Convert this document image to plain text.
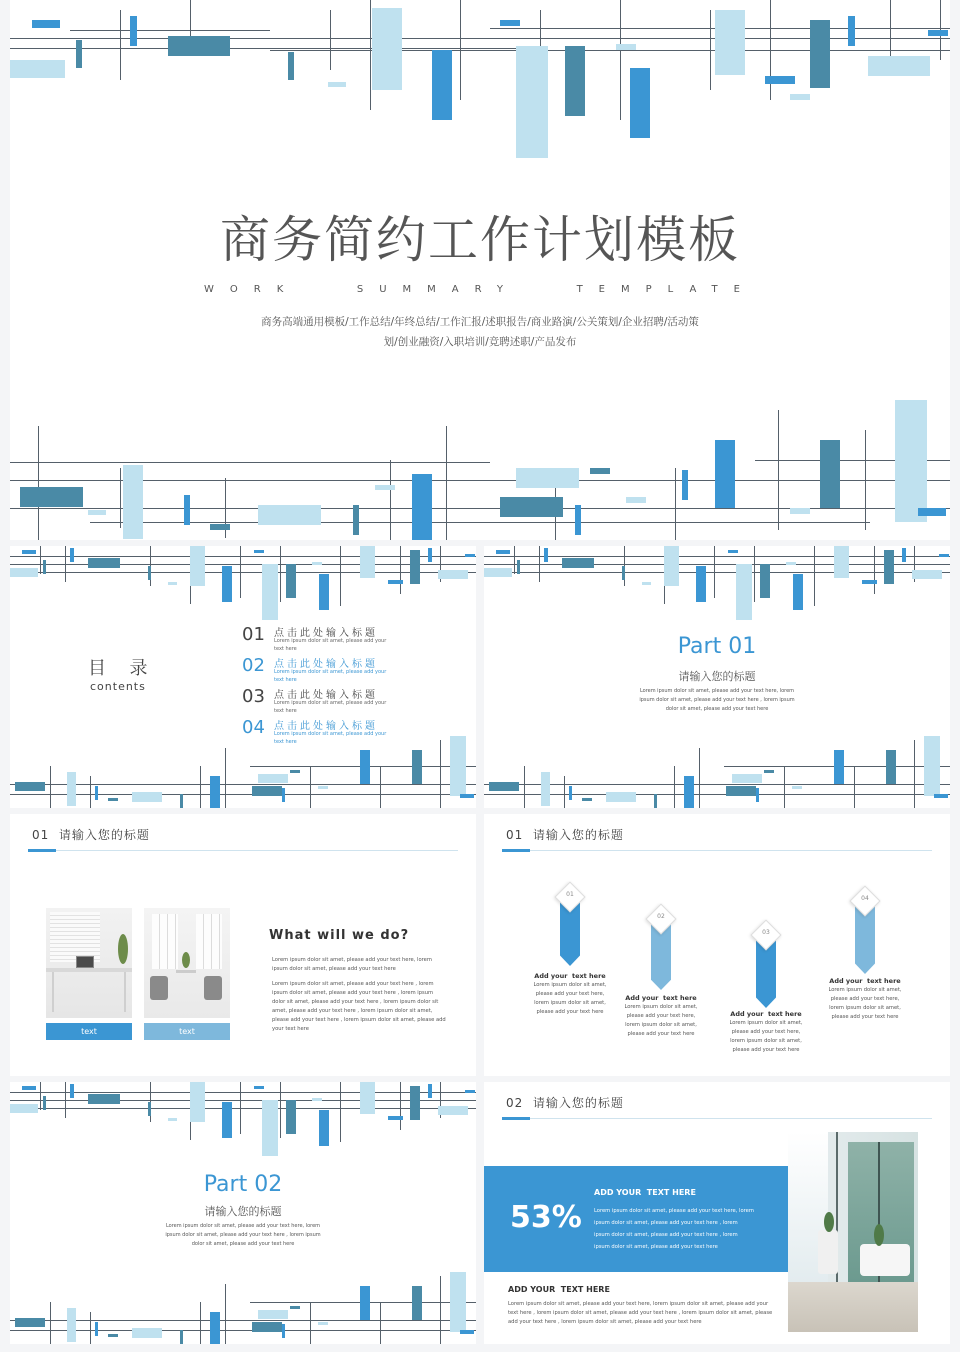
商务简约工作计划模板
WORK   SUMMARY   TEMPLATE
商务高端通用模板/工作总结/年终总结/工作汇报/述职报告/商业路演/公关策划/企业招聘/活动策
划/创业融资/入职培训/竞聘述职/产品发布
目  录
contents
01 点击此处输入标题
Lorem ipsum dolor sit amet, please add your
text here
02 点击此处输入标题
Lorem ipsum dolor sit amet, please add your
text here
03 点击此处输入标题
Lorem ipsum dolor sit amet, please add your
text here
04 点击此处输入标题
Lorem ipsum dolor sit amet, please add your
text here
Part 01
请输入您的标题
Lorem ipsum dolor sit amet, please add your text here, lorem
ipsum dolor sit amet, please add your text here , lorem ipsum
dolor sit amet, please add your text here
01  请输入您的标题
text	text
What will we do?
Lorem ipsum dolor sit amet, please add your text here, lorem ipsum dolor sit amet, please add your text here
Lorem ipsum dolor sit amet, please add your text here , lorem ipsum dolor sit amet, please add your text here , lorem ipsum dolor sit amet, please add your text here , lorem ipsum dolor sit amet, please add your text here , lorem ipsum dolor sit amet, please add your text here , lorem ipsum dolor sit amet, please add your text here
01  请输入您的标题
01
Add your  text here
Lorem ipsum dolor sit amet, please add your text here, lorem ipsum dolor sit amet, please add your text here
02
Add your  text here
Lorem ipsum dolor sit amet, please add your text here, lorem ipsum dolor sit amet, please add your text here
03
Add your  text here
Lorem ipsum dolor sit amet, please add your text here, lorem ipsum dolor sit amet, please add your text here
04
Add your  text here
Lorem ipsum dolor sit amet, please add your text here, lorem ipsum dolor sit amet, please add your text here
Part 02
请输入您的标题
Lorem ipsum dolor sit amet, please add your text here, lorem
ipsum dolor sit amet, please add your text here , lorem ipsum
dolor sit amet, please add your text here
02  请输入您的标题
53%
ADD YOUR  TEXT HERE
Lorem ipsum dolor sit amet, please add your text here, lorem ipsum dolor sit amet, please add your text here , lorem ipsum dolor sit amet, please add your text here , lorem ipsum dolor sit amet, please add your text here
ADD YOUR  TEXT HERE
Lorem ipsum dolor sit amet, please add your text here, lorem ipsum dolor sit amet, please add your text here , lorem ipsum dolor sit amet, please add your text here , lorem ipsum dolor sit amet, please add your text here , lorem ipsum dolor sit amet, please add your text here
